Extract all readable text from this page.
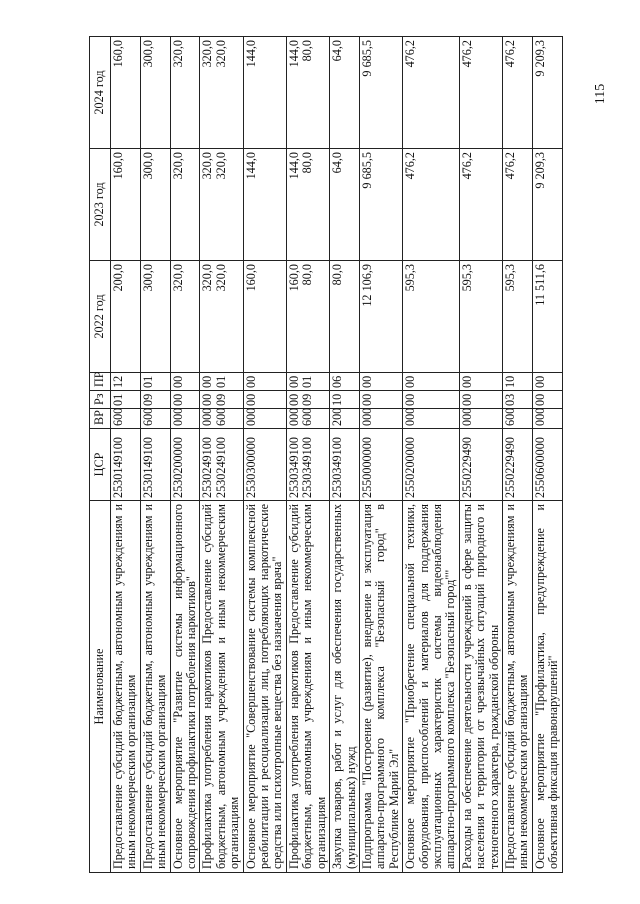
115
Наименование	ЦСР	ВР	Рз	ПР	2022 год	2023 год	2024 год
Предоставление субсидий бюджетным, автономным учреждениям и иным некоммерческим организациям	2530149100	600	01	12	200,0	160,0	160,0

Предоставление субсидий бюджетным, автономным учреждениям и иным некоммерческим организациям	2530149100	600	09	01	300,0	300,0	300,0

Основное мероприятие "Развитие системы информационного сопровождения профилактики потребления наркотиков"	2530200000	000	00	00	320,0	320,0	320,0

Профилактика употребления наркотиков Предоставление субсидий бюджетным, автономным учреждениям и иным некоммерческим организациям	2530249100 2530249100	000 600	00 09	00 01	320,0 320,0	320,0 320,0	320,0 320,0

Основное мероприятие "Совершенствование системы комплексной реабилитации и ресоциализации лиц, потребляющих наркотические средства или психотропные вещества без назначения врача"	2530300000	000	00	00	160,0	144,0	144,0

Профилактика употребления наркотиков Предоставление субсидий бюджетным, автономным учреждениям и иным некоммерческим организациям	2530349100 2530349100	000 600	00 09	00 01	160,0 80,0	144,0 80,0	144,0 80,0

Закупка товаров, работ и услуг для обеспечения государственных (муниципальных) нужд	2530349100	200	10	06	80,0	64,0	64,0

Подпрограмма "Построение (развитие), внедрение и эксплуатация аппаратно-программного комплекса "Безопасный город" в Республике Марий Эл"	2550000000	000	00	00	12 106,9	9 685,5	9 685,5

Основное мероприятие "Приобретение специальной техники, оборудования, приспособлений и материалов для поддержания эксплуатационных характеристик системы видеонаблюдения аппаратно-программного комплекса "Безопасный город""	2550200000	000	00	00	595,3	476,2	476,2

Расходы на обеспечение деятельности учреждений в сфере защиты населения и территории от чрезвычайных ситуаций природного и техногенного характера, гражданской обороны	2550229490	000	00	00	595,3	476,2	476,2

Предоставление субсидий бюджетным, автономным учреждениям и иным некоммерческим организациям	2550229490	600	03	10	595,3	476,2	476,2

Основное мероприятие "Профилактика, предупреждение и объективная фиксация правонарушений"	2550600000	000	00	00	11 511,6	9 209,3	9 209,3
